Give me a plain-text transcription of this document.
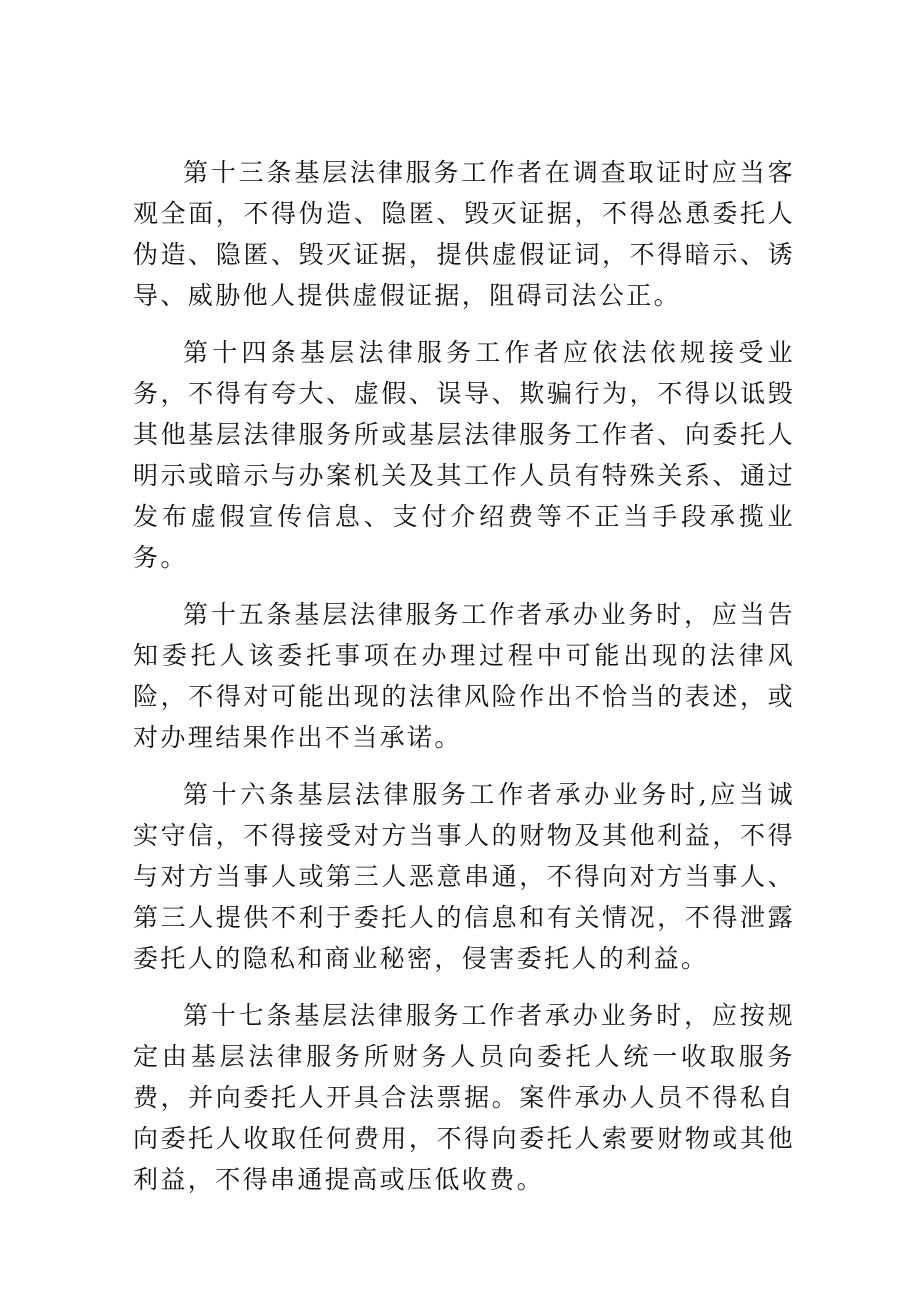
第十三条基层法律服务工作者在调查取证时应当客观全面，不得伪造、隐匿、毁灭证据，不得怂恿委托人伪造、隐匿、毁灭证据，提供虚假证词，不得暗示、诱导、威胁他人提供虚假证据，阻碍司法公正。

第十四条基层法律服务工作者应依法依规接受业务，不得有夸大、虚假、误导、欺骗行为，不得以诋毁其他基层法律服务所或基层法律服务工作者、向委托人明示或暗示与办案机关及其工作人员有特殊关系、通过发布虚假宣传信息、支付介绍费等不正当手段承揽业务。

第十五条基层法律服务工作者承办业务时，应当告知委托人该委托事项在办理过程中可能出现的法律风险，不得对可能出现的法律风险作出不恰当的表述，或对办理结果作出不当承诺。

第十六条基层法律服务工作者承办业务时,应当诚实守信，不得接受对方当事人的财物及其他利益，不得与对方当事人或第三人恶意串通，不得向对方当事人、第三人提供不利于委托人的信息和有关情况，不得泄露委托人的隐私和商业秘密，侵害委托人的利益。

第十七条基层法律服务工作者承办业务时，应按规定由基层法律服务所财务人员向委托人统一收取服务费，并向委托人开具合法票据。案件承办人员不得私自向委托人收取任何费用，不得向委托人索要财物或其他利益，不得串通提高或压低收费。
